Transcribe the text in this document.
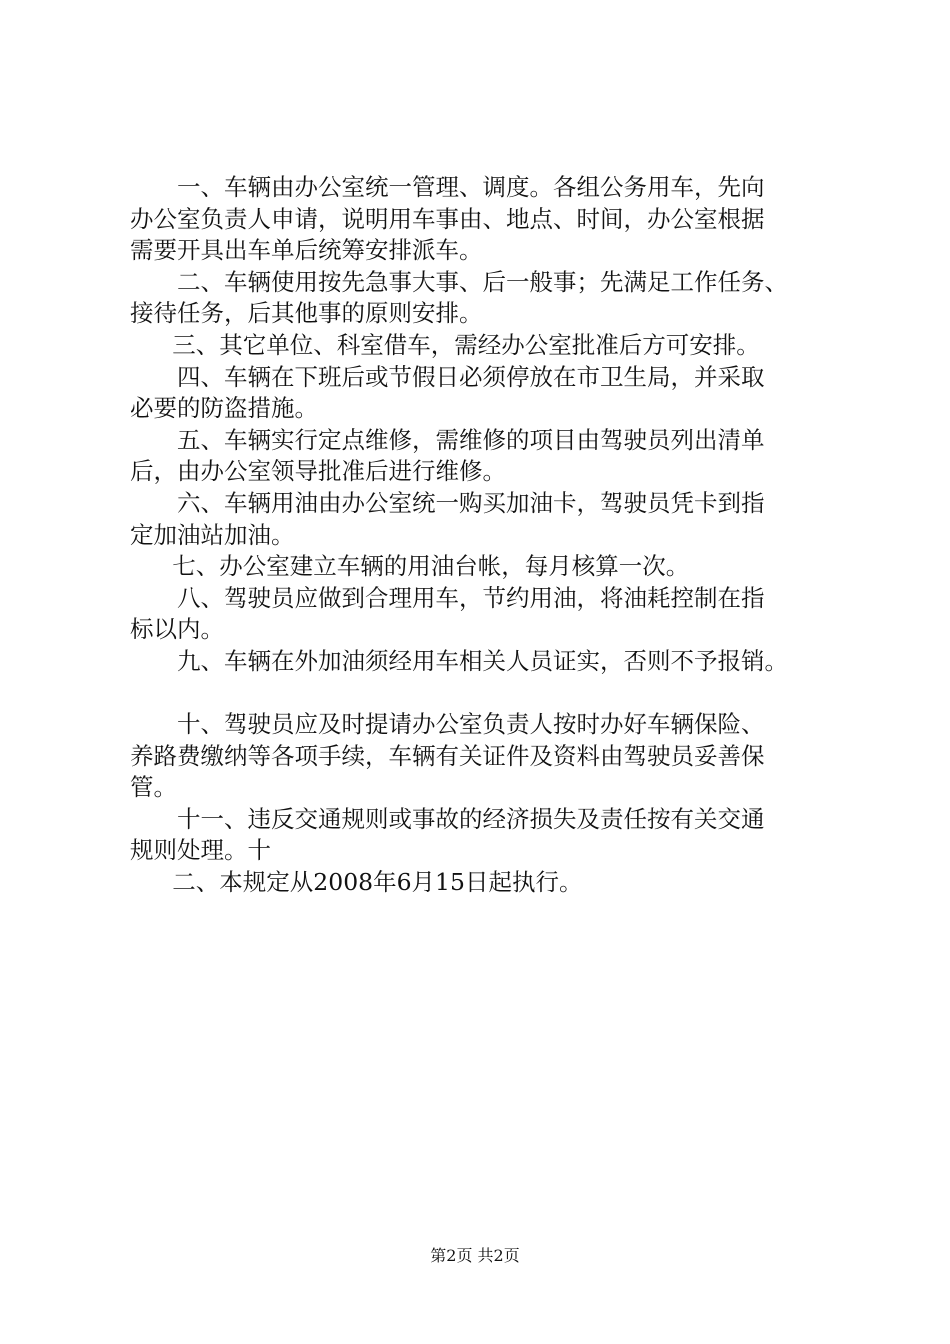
一、车辆由办公室统一管理、调度。各组公务用车，先向
办公室负责人申请，说明用车事由、地点、时间，办公室根据
需要开具出车单后统筹安排派车。

二、车辆使用按先急事大事、后一般事；先满足工作任务、
接待任务，后其他事的原则安排。

三、其它单位、科室借车，需经办公室批准后方可安排。

四、车辆在下班后或节假日必须停放在市卫生局，并采取
必要的防盗措施。

五、车辆实行定点维修，需维修的项目由驾驶员列出清单
后，由办公室领导批准后进行维修。

六、车辆用油由办公室统一购买加油卡，驾驶员凭卡到指
定加油站加油。

七、办公室建立车辆的用油台帐，每月核算一次。

八、驾驶员应做到合理用车，节约用油，将油耗控制在指
标以内。

九、车辆在外加油须经用车相关人员证实，否则不予报销。

十、驾驶员应及时提请办公室负责人按时办好车辆保险、
养路费缴纳等各项手续，车辆有关证件及资料由驾驶员妥善保
管。

十一、违反交通规则或事故的经济损失及责任按有关交通
规则处理。十

二、本规定从2008年6月15日起执行。

第2页 共2页
